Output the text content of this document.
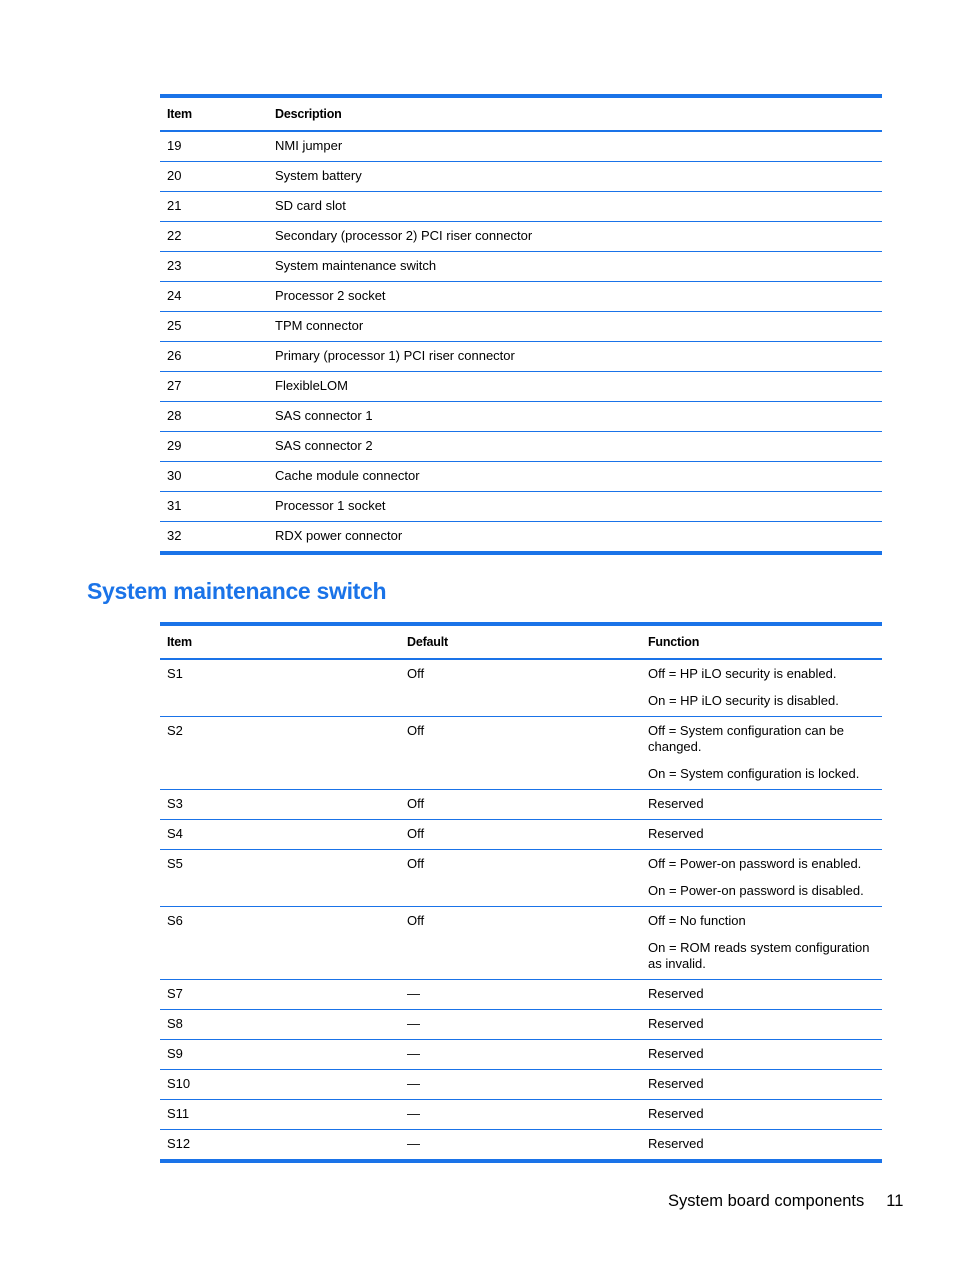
Item	Description
19	NMI jumper
20	System battery
21	SD card slot
22	Secondary (processor 2) PCI riser connector
23	System maintenance switch
24	Processor 2 socket
25	TPM connector
26	Primary (processor 1) PCI riser connector
27	FlexibleLOM
28	SAS connector 1
29	SAS connector 2
30	Cache module connector
31	Processor 1 socket
32	RDX power connector
System maintenance switch
Item	Default	Function
S1	Off	Off = HP iLO security is enabled.

On = HP iLO security is disabled.

S2	Off	Off = System configuration can be changed.

On = System configuration is locked.

S3	Off	Reserved

S4	Off	Reserved

S5	Off	Off = Power-on password is enabled.

On = Power-on password is disabled.

S6	Off	Off = No function

On = ROM reads system configuration as invalid.

S7	—	Reserved

S8	—	Reserved

S9	—	Reserved

S10	—	Reserved

S11	—	Reserved

S12	—	Reserved

System board components 11
